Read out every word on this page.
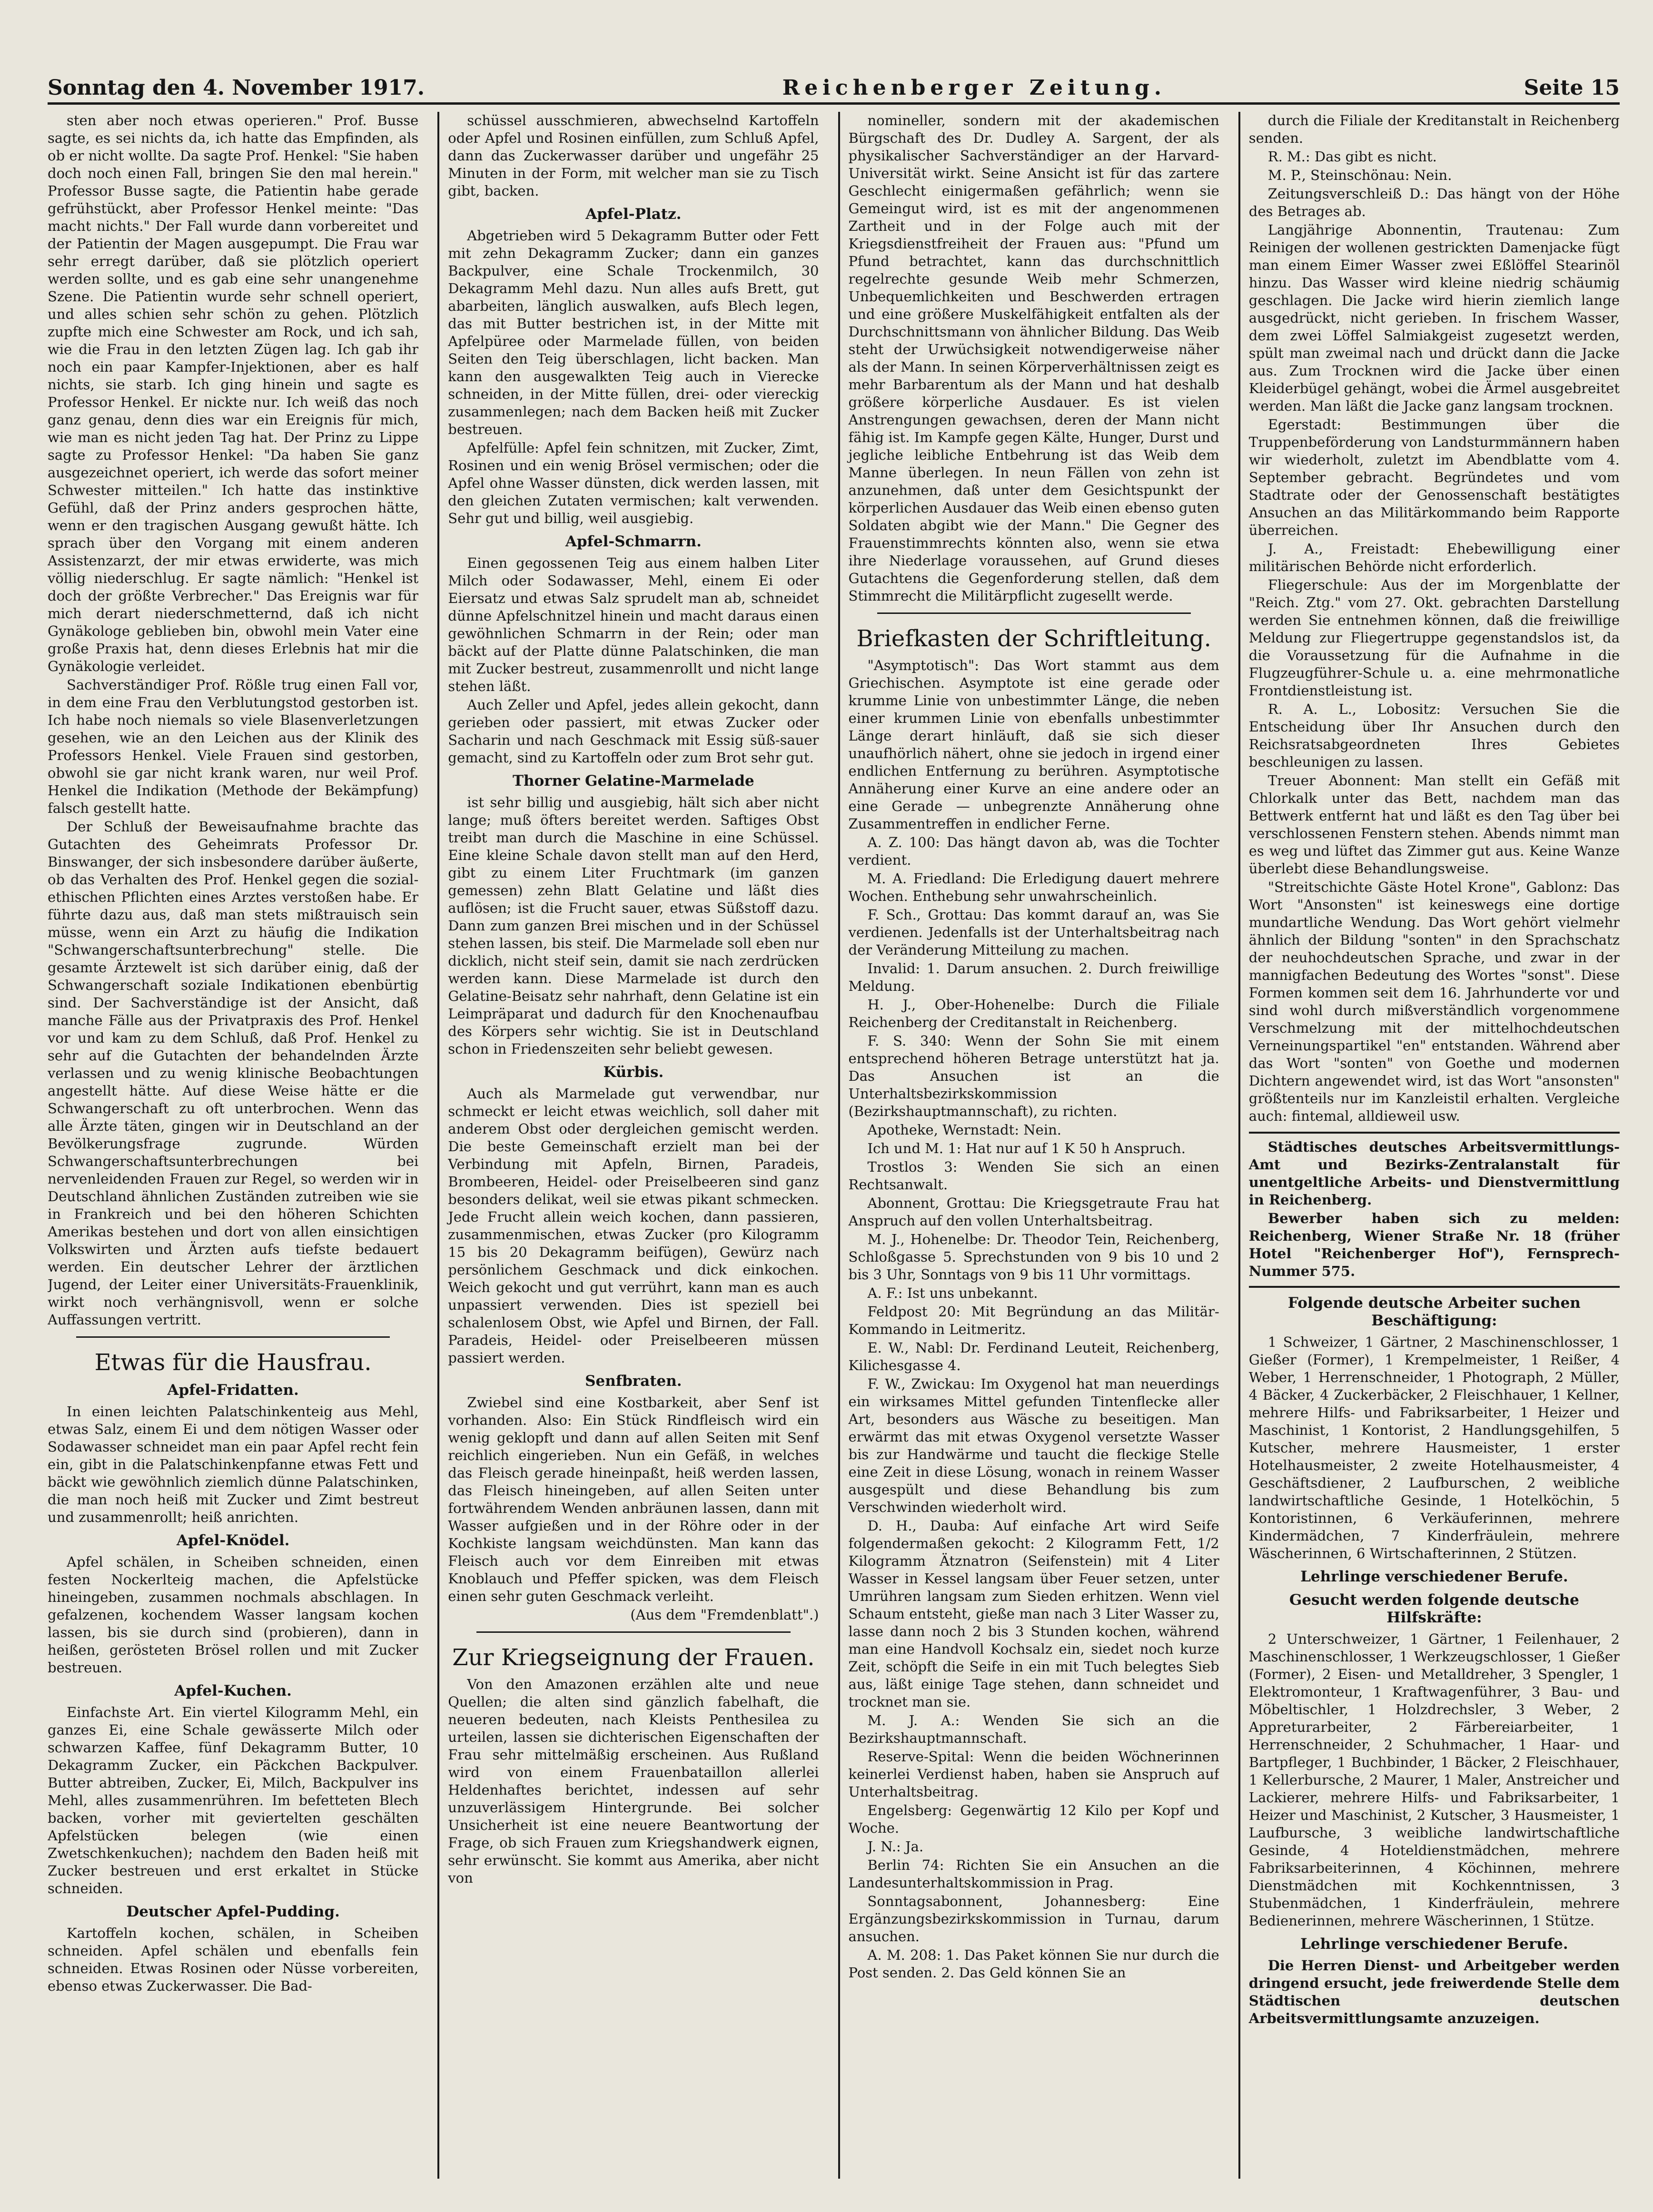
Sonntag den 4. November 1917.	Reichenberger Zeitung.	Seite 15

sten aber noch etwas operieren." Prof. Busse sagte, es sei nichts da, ich hatte das Empfinden, als ob er nicht wollte. Da sagte Prof. Henkel: "Sie haben doch noch einen Fall, bringen Sie den mal herein." Professor Busse sagte, die Patientin habe gerade gefrühstückt, aber Professor Henkel meinte: "Das macht nichts." Der Fall wurde dann vorbereitet und der Patientin der Magen ausgepumpt. Die Frau war sehr erregt darüber, daß sie plötzlich operiert werden sollte, und es gab eine sehr unangenehme Szene. Die Patientin wurde sehr schnell operiert, und alles schien sehr schön zu gehen. Plötzlich zupfte mich eine Schwester am Rock, und ich sah, wie die Frau in den letzten Zügen lag. Ich gab ihr noch ein paar Kampfer-Injektionen, aber es half nichts, sie starb. Ich ging hinein und sagte es Professor Henkel. Er nickte nur. Ich weiß das noch ganz genau, denn dies war ein Ereignis für mich, wie man es nicht jeden Tag hat. Der Prinz zu Lippe sagte zu Professor Henkel: "Da haben Sie ganz ausgezeichnet operiert, ich werde das sofort meiner Schwester mitteilen." Ich hatte das instinktive Gefühl, daß der Prinz anders gesprochen hätte, wenn er den tragischen Ausgang gewußt hätte. Ich sprach über den Vorgang mit einem anderen Assistenzarzt, der mir etwas erwiderte, was mich völlig niederschlug. Er sagte nämlich: "Henkel ist doch der größte Verbrecher." Das Ereignis war für mich derart niederschmetternd, daß ich nicht Gynäkologe geblieben bin, obwohl mein Vater eine große Praxis hat, denn dieses Erlebnis hat mir die Gynäkologie verleidet.

Sachverständiger Prof. Rößle trug einen Fall vor, in dem eine Frau den Verblutungstod gestorben ist. Ich habe noch niemals so viele Blasenverletzungen gesehen, wie an den Leichen aus der Klinik des Professors Henkel. Viele Frauen sind gestorben, obwohl sie gar nicht krank waren, nur weil Prof. Henkel die Indikation (Methode der Bekämpfung) falsch gestellt hatte.

Der Schluß der Beweisaufnahme brachte das Gutachten des Geheimrats Professor Dr. Binswanger, der sich insbesondere darüber äußerte, ob das Verhalten des Prof. Henkel gegen die sozial-ethischen Pflichten eines Arztes verstoßen habe. Er führte dazu aus, daß man stets mißtrauisch sein müsse, wenn ein Arzt zu häufig die Indikation "Schwangerschaftsunterbrechung" stelle. Die gesamte Ärztewelt ist sich darüber einig, daß der Schwangerschaft soziale Indikationen ebenbürtig sind. Der Sachverständige ist der Ansicht, daß manche Fälle aus der Privatpraxis des Prof. Henkel vor und kam zu dem Schluß, daß Prof. Henkel zu sehr auf die Gutachten der behandelnden Ärzte verlassen und zu wenig klinische Beobachtungen angestellt hätte. Auf diese Weise hätte er die Schwangerschaft zu oft unterbrochen. Wenn das alle Ärzte täten, gingen wir in Deutschland an der Bevölkerungsfrage zugrunde. Würden Schwangerschaftsunterbrechungen bei nervenleidenden Frauen zur Regel, so werden wir in Deutschland ähnlichen Zuständen zutreiben wie sie in Frankreich und bei den höheren Schichten Amerikas bestehen und dort von allen einsichtigen Volkswirten und Ärzten aufs tiefste bedauert werden. Ein deutscher Lehrer der ärztlichen Jugend, der Leiter einer Universitäts-Frauenklinik, wirkt noch verhängnisvoll, wenn er solche Auffassungen vertritt.

Etwas für die Hausfrau.
Apfel-Fridatten.

In einen leichten Palatschinkenteig aus Mehl, etwas Salz, einem Ei und dem nötigen Wasser oder Sodawasser schneidet man ein paar Apfel recht fein ein, gibt in die Palatschinkenpfanne etwas Fett und bäckt wie gewöhnlich ziemlich dünne Palatschinken, die man noch heiß mit Zucker und Zimt bestreut und zusammenrollt; heiß anrichten.

Apfel-Knödel.

Apfel schälen, in Scheiben schneiden, einen festen Nockerlteig machen, die Apfelstücke hineingeben, zusammen nochmals abschlagen. In gefalzenen, kochendem Wasser langsam kochen lassen, bis sie durch sind (probieren), dann in heißen, gerösteten Brösel rollen und mit Zucker bestreuen.

Apfel-Kuchen.

Einfachste Art. Ein viertel Kilogramm Mehl, ein ganzes Ei, eine Schale gewässerte Milch oder schwarzen Kaffee, fünf Dekagramm Butter, 10 Dekagramm Zucker, ein Päckchen Backpulver. Butter abtreiben, Zucker, Ei, Milch, Backpulver ins Mehl, alles zusammenrühren. Im befetteten Blech backen, vorher mit geviertelten geschälten Apfelstücken belegen (wie einen Zwetschkenkuchen); nachdem den Baden heiß mit Zucker bestreuen und erst erkaltet in Stücke schneiden.

Deutscher Apfel-Pudding.

Kartoffeln kochen, schälen, in Scheiben schneiden. Apfel schälen und ebenfalls fein schneiden. Etwas Rosinen oder Nüsse vorbereiten, ebenso etwas Zuckerwasser. Die Bad-

schüssel ausschmieren, abwechselnd Kartoffeln oder Apfel und Rosinen einfüllen, zum Schluß Apfel, dann das Zuckerwasser darüber und ungefähr 25 Minuten in der Form, mit welcher man sie zu Tisch gibt, backen.

Apfel-Platz.

Abgetrieben wird 5 Dekagramm Butter oder Fett mit zehn Dekagramm Zucker; dann ein ganzes Backpulver, eine Schale Trockenmilch, 30 Dekagramm Mehl dazu. Nun alles aufs Brett, gut abarbeiten, länglich auswalken, aufs Blech legen, das mit Butter bestrichen ist, in der Mitte mit Apfelpüree oder Marmelade füllen, von beiden Seiten den Teig überschlagen, licht backen. Man kann den ausgewalkten Teig auch in Vierecke schneiden, in der Mitte füllen, drei- oder viereckig zusammenlegen; nach dem Backen heiß mit Zucker bestreuen.

Apfelfülle: Apfel fein schnitzen, mit Zucker, Zimt, Rosinen und ein wenig Brösel vermischen; oder die Apfel ohne Wasser dünsten, dick werden lassen, mit den gleichen Zutaten vermischen; kalt verwenden. Sehr gut und billig, weil ausgiebig.

Apfel-Schmarrn.

Einen gegossenen Teig aus einem halben Liter Milch oder Sodawasser, Mehl, einem Ei oder Eiersatz und etwas Salz sprudelt man ab, schneidet dünne Apfelschnitzel hinein und macht daraus einen gewöhnlichen Schmarrn in der Rein; oder man bäckt auf der Platte dünne Palatschinken, die man mit Zucker bestreut, zusammenrollt und nicht lange stehen läßt.

Auch Zeller und Apfel, jedes allein gekocht, dann gerieben oder passiert, mit etwas Zucker oder Sacharin und nach Geschmack mit Essig süß-sauer gemacht, sind zu Kartoffeln oder zum Brot sehr gut.

Thorner Gelatine-Marmelade

ist sehr billig und ausgiebig, hält sich aber nicht lange; muß öfters bereitet werden. Saftiges Obst treibt man durch die Maschine in eine Schüssel. Eine kleine Schale davon stellt man auf den Herd, gibt zu einem Liter Fruchtmark (im ganzen gemessen) zehn Blatt Gelatine und läßt dies auflösen; ist die Frucht sauer, etwas Süßstoff dazu. Dann zum ganzen Brei mischen und in der Schüssel stehen lassen, bis steif. Die Marmelade soll eben nur dicklich, nicht steif sein, damit sie nach zerdrücken werden kann. Diese Marmelade ist durch den Gelatine-Beisatz sehr nahrhaft, denn Gelatine ist ein Leimpräparat und dadurch für den Knochenaufbau des Körpers sehr wichtig. Sie ist in Deutschland schon in Friedenszeiten sehr beliebt gewesen.

Kürbis.

Auch als Marmelade gut verwendbar, nur schmeckt er leicht etwas weichlich, soll daher mit anderem Obst oder dergleichen gemischt werden. Die beste Gemeinschaft erzielt man bei der Verbindung mit Apfeln, Birnen, Paradeis, Brombeeren, Heidel- oder Preiselbeeren sind ganz besonders delikat, weil sie etwas pikant schmecken. Jede Frucht allein weich kochen, dann passieren, zusammenmischen, etwas Zucker (pro Kilogramm 15 bis 20 Dekagramm beifügen), Gewürz nach persönlichem Geschmack und dick einkochen. Weich gekocht und gut verrührt, kann man es auch unpassiert verwenden. Dies ist speziell bei schalenlosem Obst, wie Apfel und Birnen, der Fall. Paradeis, Heidel- oder Preiselbeeren müssen passiert werden.

Senfbraten.

Zwiebel sind eine Kostbarkeit, aber Senf ist vorhanden. Also: Ein Stück Rindfleisch wird ein wenig geklopft und dann auf allen Seiten mit Senf reichlich eingerieben. Nun ein Gefäß, in welches das Fleisch gerade hineinpaßt, heiß werden lassen, das Fleisch hineingeben, auf allen Seiten unter fortwährendem Wenden anbräunen lassen, dann mit Wasser aufgießen und in der Röhre oder in der Kochkiste langsam weichdünsten. Man kann das Fleisch auch vor dem Einreiben mit etwas Knoblauch und Pfeffer spicken, was dem Fleisch einen sehr guten Geschmack verleiht.

(Aus dem "Fremdenblatt".)

Zur Kriegseignung der Frauen.

Von den Amazonen erzählen alte und neue Quellen; die alten sind gänzlich fabelhaft, die neueren bedeuten, nach Kleists Penthesilea zu urteilen, lassen sie dichterischen Eigenschaften der Frau sehr mittelmäßig erscheinen. Aus Rußland wird von einem Frauenbataillon allerlei Heldenhaftes berichtet, indessen auf sehr unzuverlässigem Hintergrunde. Bei solcher Unsicherheit ist eine neuere Beantwortung der Frage, ob sich Frauen zum Kriegshandwerk eignen, sehr erwünscht. Sie kommt aus Amerika, aber nicht von

nomineller, sondern mit der akademischen Bürgschaft des Dr. Dudley A. Sargent, der als physikalischer Sachverständiger an der Harvard-Universität wirkt. Seine Ansicht ist für das zartere Geschlecht einigermaßen gefährlich; wenn sie Gemeingut wird, ist es mit der angenommenen Zartheit und in der Folge auch mit der Kriegsdienstfreiheit der Frauen aus: "Pfund um Pfund betrachtet, kann das durchschnittlich regelrechte gesunde Weib mehr Schmerzen, Unbequemlichkeiten und Beschwerden ertragen und eine größere Muskelfähigkeit entfalten als der Durchschnittsmann von ähnlicher Bildung. Das Weib steht der Urwüchsigkeit notwendigerweise näher als der Mann. In seinen Körperverhältnissen zeigt es mehr Barbarentum als der Mann und hat deshalb größere körperliche Ausdauer. Es ist vielen Anstrengungen gewachsen, deren der Mann nicht fähig ist. Im Kampfe gegen Kälte, Hunger, Durst und jegliche leibliche Entbehrung ist das Weib dem Manne überlegen. In neun Fällen von zehn ist anzunehmen, daß unter dem Gesichtspunkt der körperlichen Ausdauer das Weib einen ebenso guten Soldaten abgibt wie der Mann." Die Gegner des Frauenstimmrechts könnten also, wenn sie etwa ihre Niederlage voraussehen, auf Grund dieses Gutachtens die Gegenforderung stellen, daß dem Stimmrecht die Militärpflicht zugesellt werde.

Briefkasten der Schriftleitung.

"Asymptotisch": Das Wort stammt aus dem Griechischen. Asymptote ist eine gerade oder krumme Linie von unbestimmter Länge, die neben einer krummen Linie von ebenfalls unbestimmter Länge derart hinläuft, daß sie sich dieser unaufhörlich nähert, ohne sie jedoch in irgend einer endlichen Entfernung zu berühren. Asymptotische Annäherung einer Kurve an eine andere oder an eine Gerade — unbegrenzte Annäherung ohne Zusammentreffen in endlicher Ferne.

A. Z. 100: Das hängt davon ab, was die Tochter verdient.

M. A. Friedland: Die Erledigung dauert mehrere Wochen. Enthebung sehr unwahrscheinlich.

F. Sch., Grottau: Das kommt darauf an, was Sie verdienen. Jedenfalls ist der Unterhaltsbeitrag nach der Veränderung Mitteilung zu machen.

Invalid: 1. Darum ansuchen. 2. Durch freiwillige Meldung.

H. J., Ober-Hohenelbe: Durch die Filiale Reichenberg der Creditanstalt in Reichenberg.

F. S. 340: Wenn der Sohn Sie mit einem entsprechend höheren Betrage unterstützt hat ja. Das Ansuchen ist an die Unterhaltsbezirkskommission (Bezirkshauptmannschaft), zu richten.

Apotheke, Wernstadt: Nein.

Ich und M. 1: Hat nur auf 1 K 50 h Anspruch.

Trostlos 3: Wenden Sie sich an einen Rechtsanwalt.

Abonnent, Grottau: Die Kriegsgetraute Frau hat Anspruch auf den vollen Unterhaltsbeitrag.

M. J., Hohenelbe: Dr. Theodor Tein, Reichenberg, Schloßgasse 5. Sprechstunden von 9 bis 10 und 2 bis 3 Uhr, Sonntags von 9 bis 11 Uhr vormittags.

A. F.: Ist uns unbekannt.

Feldpost 20: Mit Begründung an das Militär-Kommando in Leitmeritz.

E. W., Nabl: Dr. Ferdinand Leuteit, Reichenberg, Kilichesgasse 4.

F. W., Zwickau: Im Oxygenol hat man neuerdings ein wirksames Mittel gefunden Tintenflecke aller Art, besonders aus Wäsche zu beseitigen. Man erwärmt das mit etwas Oxygenol versetzte Wasser bis zur Handwärme und taucht die fleckige Stelle eine Zeit in diese Lösung, wonach in reinem Wasser ausgespült und diese Behandlung bis zum Verschwinden wiederholt wird.

D. H., Dauba: Auf einfache Art wird Seife folgendermaßen gekocht: 2 Kilogramm Fett, 1/2 Kilogramm Ätznatron (Seifenstein) mit 4 Liter Wasser in Kessel langsam über Feuer setzen, unter Umrühren langsam zum Sieden erhitzen. Wenn viel Schaum entsteht, gieße man nach 3 Liter Wasser zu, lasse dann noch 2 bis 3 Stunden kochen, während man eine Handvoll Kochsalz ein, siedet noch kurze Zeit, schöpft die Seife in ein mit Tuch belegtes Sieb aus, läßt einige Tage stehen, dann schneidet und trocknet man sie.

M. J. A.: Wenden Sie sich an die Bezirkshauptmannschaft.

Reserve-Spital: Wenn die beiden Wöchnerinnen keinerlei Verdienst haben, haben sie Anspruch auf Unterhaltsbeitrag.

Engelsberg: Gegenwärtig 12 Kilo per Kopf und Woche.

J. N.: Ja.

Berlin 74: Richten Sie ein Ansuchen an die Landesunterhaltskommission in Prag.

Sonntagsabonnent, Johannesberg: Eine Ergänzungsbezirkskommission in Turnau, darum ansuchen.

A. M. 208: 1. Das Paket können Sie nur durch die Post senden. 2. Das Geld können Sie an

durch die Filiale der Kreditanstalt in Reichenberg senden.

R. M.: Das gibt es nicht.

M. P., Steinschönau: Nein.

Zeitungsverschleiß D.: Das hängt von der Höhe des Betrages ab.

Langjährige Abonnentin, Trautenau: Zum Reinigen der wollenen gestrickten Damenjacke fügt man einem Eimer Wasser zwei Eßlöffel Stearinöl hinzu. Das Wasser wird kleine niedrig schäumig geschlagen. Die Jacke wird hierin ziemlich lange ausgedrückt, nicht gerieben. In frischem Wasser, dem zwei Löffel Salmiakgeist zugesetzt werden, spült man zweimal nach und drückt dann die Jacke aus. Zum Trocknen wird die Jacke über einen Kleiderbügel gehängt, wobei die Ärmel ausgebreitet werden. Man läßt die Jacke ganz langsam trocknen.

Egerstadt: Bestimmungen über die Truppenbeförderung von Landsturmmännern haben wir wiederholt, zuletzt im Abendblatte vom 4. September gebracht. Begründetes und vom Stadtrate oder der Genossenschaft bestätigtes Ansuchen an das Militärkommando beim Rapporte überreichen.

J. A., Freistadt: Ehebewilligung einer militärischen Behörde nicht erforderlich.

Fliegerschule: Aus der im Morgenblatte der "Reich. Ztg." vom 27. Okt. gebrachten Darstellung werden Sie entnehmen können, daß die freiwillige Meldung zur Fliegertruppe gegenstandslos ist, da die Voraussetzung für die Aufnahme in die Flugzeugführer-Schule u. a. eine mehrmonatliche Frontdienstleistung ist.

R. A. L., Lobositz: Versuchen Sie die Entscheidung über Ihr Ansuchen durch den Reichsratsabgeordneten Ihres Gebietes beschleunigen zu lassen.

Treuer Abonnent: Man stellt ein Gefäß mit Chlorkalk unter das Bett, nachdem man das Bettwerk entfernt hat und läßt es den Tag über bei verschlossenen Fenstern stehen. Abends nimmt man es weg und lüftet das Zimmer gut aus. Keine Wanze überlebt diese Behandlungsweise.

"Streitschichte Gäste Hotel Krone", Gablonz: Das Wort "Ansonsten" ist keineswegs eine dortige mundartliche Wendung. Das Wort gehört vielmehr ähnlich der Bildung "sonten" in den Sprachschatz der neuhochdeutschen Sprache, und zwar in der mannigfachen Bedeutung des Wortes "sonst". Diese Formen kommen seit dem 16. Jahrhunderte vor und sind wohl durch mißverständlich vorgenommene Verschmelzung mit der mittelhochdeutschen Verneinungspartikel "en" entstanden. Während aber das Wort "sonten" von Goethe und modernen Dichtern angewendet wird, ist das Wort "ansonsten" größtenteils nur im Kanzleistil erhalten. Vergleiche auch: fintemal, alldieweil usw.

Städtisches deutsches Arbeitsvermittlungs-Amt und Bezirks-Zentralanstalt für unentgeltliche Arbeits- und Dienstvermittlung in Reichenberg.

Bewerber haben sich zu melden: Reichenberg, Wiener Straße Nr. 18 (früher Hotel "Reichenberger Hof"), Fernsprech-Nummer 575.

Folgende deutsche Arbeiter suchen Beschäftigung:

1 Schweizer, 1 Gärtner, 2 Maschinenschlosser, 1 Gießer (Former), 1 Krempelmeister, 1 Reißer, 4 Weber, 1 Herrenschneider, 1 Photograph, 2 Müller, 4 Bäcker, 4 Zuckerbäcker, 2 Fleischhauer, 1 Kellner, mehrere Hilfs- und Fabriksarbeiter, 1 Heizer und Maschinist, 1 Kontorist, 2 Handlungsgehilfen, 5 Kutscher, mehrere Hausmeister, 1 erster Hotelhausmeister, 2 zweite Hotelhausmeister, 4 Geschäftsdiener, 2 Laufburschen, 2 weibliche landwirtschaftliche Gesinde, 1 Hotelköchin, 5 Kontoristinnen, 6 Verkäuferinnen, mehrere Kindermädchen, 7 Kinderfräulein, mehrere Wäscherinnen, 6 Wirtschafterinnen, 2 Stützen.

Lehrlinge verschiedener Berufe.
Gesucht werden folgende deutsche Hilfskräfte:

2 Unterschweizer, 1 Gärtner, 1 Feilenhauer, 2 Maschinenschlosser, 1 Werkzeugschlosser, 1 Gießer (Former), 2 Eisen- und Metalldreher, 3 Spengler, 1 Elektromonteur, 1 Kraftwagenführer, 3 Bau- und Möbeltischler, 1 Holzdrechsler, 3 Weber, 2 Appreturarbeiter, 2 Färbereiarbeiter, 1 Herrenschneider, 2 Schuhmacher, 1 Haar- und Bartpfleger, 1 Buchbinder, 1 Bäcker, 2 Fleischhauer, 1 Kellerbursche, 2 Maurer, 1 Maler, Anstreicher und Lackierer, mehrere Hilfs- und Fabriksarbeiter, 1 Heizer und Maschinist, 2 Kutscher, 3 Hausmeister, 1 Laufbursche, 3 weibliche landwirtschaftliche Gesinde, 4 Hoteldienstmädchen, mehrere Fabriksarbeiterinnen, 4 Köchinnen, mehrere Dienstmädchen mit Kochkenntnissen, 3 Stubenmädchen, 1 Kinderfräulein, mehrere Bedienerinnen, mehrere Wäscherinnen, 1 Stütze.

Lehrlinge verschiedener Berufe.

Die Herren Dienst- und Arbeitgeber werden dringend ersucht, jede freiwerdende Stelle dem Städtischen deutschen Arbeitsvermittlungsamte anzuzeigen.
